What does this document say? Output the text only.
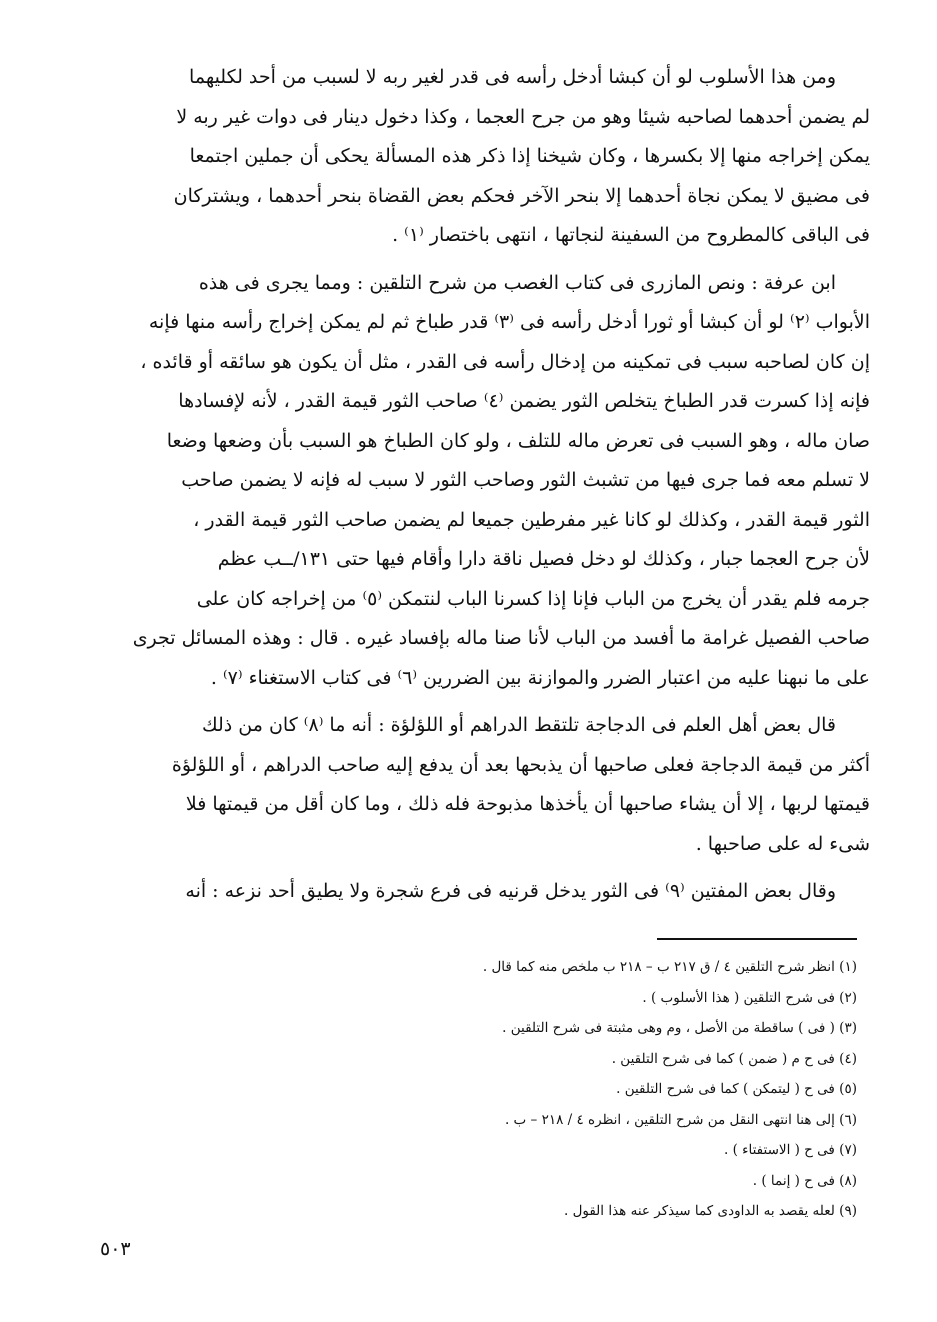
ومن هذا الأسلوب لو أن كبشا أدخل رأسه فى قدر لغير ربه لا لسبب من أحد لكليهما
لم يضمن أحدهما لصاحبه شيئا وهو من جرح العجما ، وكذا دخول دينار فى دوات غير ربه لا
يمكن إخراجه منها إلا بكسرها ، وكان شيخنا إذا ذكر هذه المسألة يحكى أن جملين اجتمعا
فى مضيق لا يمكن نجاة أحدهما إلا بنحر الآخر فحكم بعض القضاة بنحر أحدهما ، ويشتركان
فى الباقى كالمطروح من السفينة لنجاتها ، انتهى باختصار ⁽١⁾ .

ابن عرفة : ونص المازرى فى كتاب الغصب من شرح التلقين : ومما يجرى فى هذه
الأبواب ⁽٢⁾ لو أن كبشا أو ثورا أدخل رأسه فى ⁽٣⁾ قدر طباخ ثم لم يمكن إخراج رأسه منها فإنه
إن كان لصاحبه سبب فى تمكينه من إدخال رأسه فى القدر ، مثل أن يكون هو سائقه أو قائده ،
فإنه إذا كسرت قدر الطباخ يتخلص الثور يضمن ⁽٤⁾ صاحب الثور قيمة القدر ، لأنه لإفسادها
صان ماله ، وهو السبب فى تعرض ماله للتلف ، ولو كان الطباخ هو السبب بأن وضعها وضعا
لا تسلم معه فما جرى فيها من تشبث الثور وصاحب الثور لا سبب له فإنه لا يضمن صاحب
الثور قيمة القدر ، وكذلك لو كانا غير مفرطين جميعا لم يضمن صاحب الثور قيمة القدر ،
لأن جرح العجما جبار ، وكذلك لو دخل فصيل ناقة دارا وأقام فيها حتى ١٣١/ــب عظم
جرمه فلم يقدر أن يخرج من الباب فإنا إذا كسرنا الباب لنتمكن ⁽٥⁾ من إخراجه كان على
صاحب الفصيل غرامة ما أفسد من الباب لأنا صنا ماله بإفساد غيره . قال : وهذه المسائل تجرى
على ما نبهنا عليه من اعتبار الضرر والموازنة بين الضررين ⁽٦⁾ فى كتاب الاستغناء ⁽٧⁾ .

قال بعض أهل العلم فى الدجاجة تلتقط الدراهم أو اللؤلؤة : أنه ما ⁽٨⁾ كان من ذلك
أكثر من قيمة الدجاجة فعلى صاحبها أن يذبحها بعد أن يدفع إليه صاحب الدراهم ، أو اللؤلؤة
قيمتها لربها ، إلا أن يشاء صاحبها أن يأخذها مذبوحة فله ذلك ، وما كان أقل من قيمتها فلا
شىء له على صاحبها .

وقال بعض المفتين ⁽٩⁾ فى الثور يدخل قرنيه فى فرع شجرة ولا يطيق أحد نزعه : أنه

(١) انظر شرح التلقين ٤ / ق ٢١٧ ب – ٢١٨ ب ملخص منه كما قال .
(٢) فى شرح التلقين ( هذا الأسلوب ) .
(٣) ( فى ) ساقطة من الأصل ، وم وهى مثبتة فى شرح التلقين .
(٤) فى ح م ( ضمن ) كما فى شرح التلقين .
(٥) فى ح ( ليتمكن ) كما فى شرح التلقين .
(٦) إلى هنا انتهى النقل من شرح التلقين ، انظره ٤ / ٢١٨ – ب .
(٧) فى ح ( الاستفتاء ) .
(٨) فى ح ( إنما ) .
(٩) لعله يقصد به الداودى كما سيذكر عنه هذا القول .
٥٠٣
